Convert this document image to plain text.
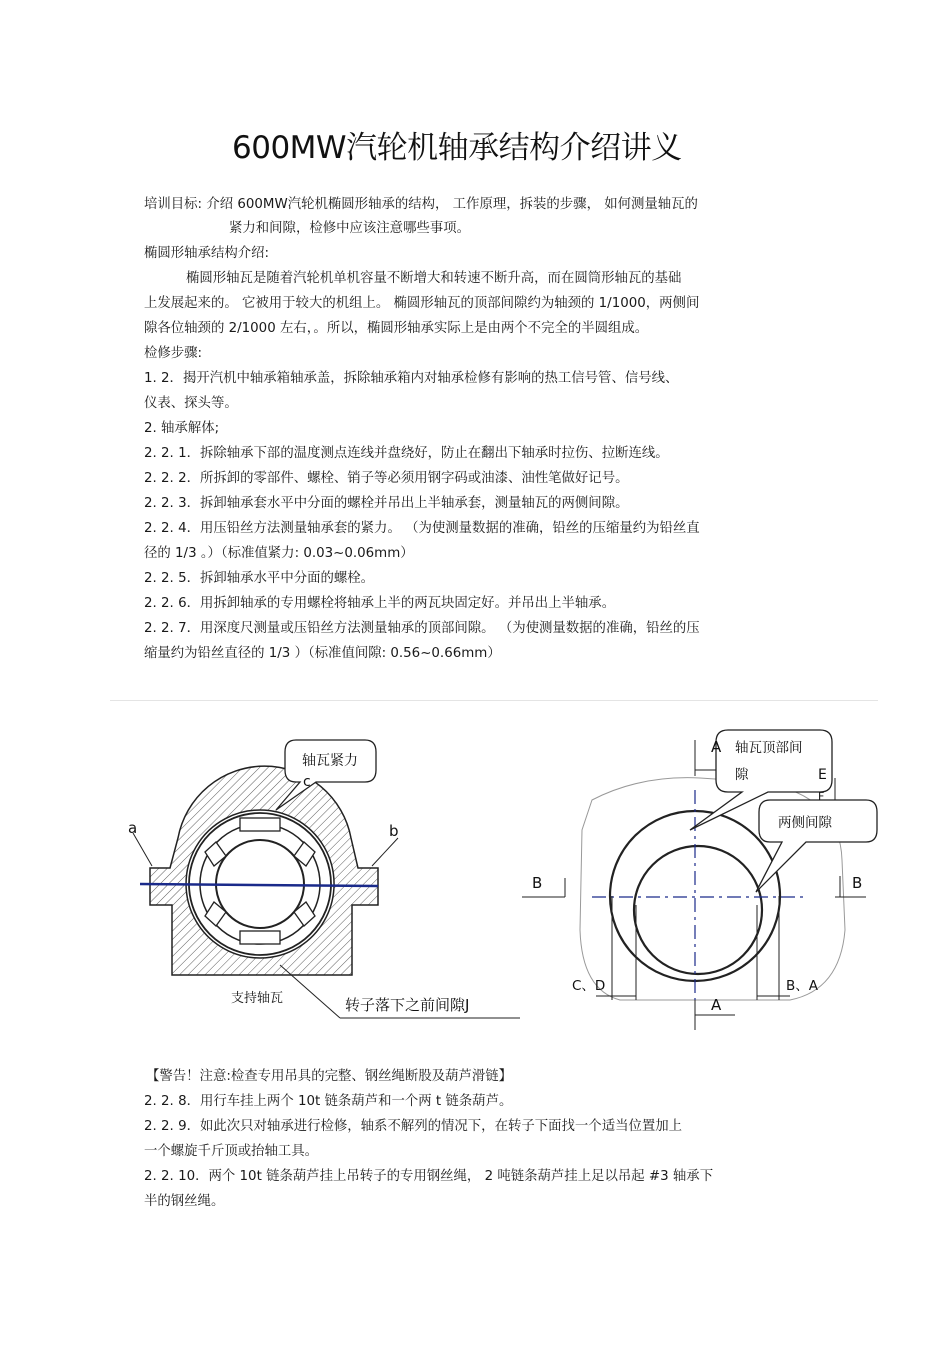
600MW汽轮机轴承结构介绍讲义
培训目标: 介绍 600MW汽轮机椭圆形轴承的结构， 工作原理，拆装的步骤， 如何测量轴瓦的
紧力和间隙，检修中应该注意哪些事项。
椭圆形轴承结构介绍:
椭圆形轴瓦是随着汽轮机单机容量不断增大和转速不断升高，而在圆筒形轴瓦的基础
上发展起来的。 它被用于较大的机组上。 椭圆形轴瓦的顶部间隙约为轴颈的 1/1000，两侧间
隙各位轴颈的 2/1000 左右，。所以，椭圆形轴承实际上是由两个不完全的半圆组成。
检修步骤:
1. 2．揭开汽机中轴承箱轴承盖，拆除轴承箱内对轴承检修有影响的热工信号管、信号线、
仪表、探头等。
2. 轴承解体;
2. 2. 1．拆除轴承下部的温度测点连线并盘绕好，防止在翻出下轴承时拉伤、拉断连线。
2. 2. 2．所拆卸的零部件、螺栓、销子等必须用钢字码或油漆、油性笔做好记号。
2. 2. 3．拆卸轴承套水平中分面的螺栓并吊出上半轴承套，测量轴瓦的两侧间隙。
2. 2. 4．用压铅丝方法测量轴承套的紧力。 （为使测量数据的准确，铅丝的压缩量约为铅丝直
径的 1/3 。）（标准值紧力: 0.03~0.06mm）
2. 2. 5．拆卸轴承水平中分面的螺栓。
2. 2. 6．用拆卸轴承的专用螺栓将轴承上半的两瓦块固定好。并吊出上半轴承。
2. 2. 7．用深度尺测量或压铅丝方法测量轴承的顶部间隙。 （为使测量数据的准确，铅丝的压
缩量约为铅丝直径的 1/3 ）（标准值间隙: 0.56~0.66mm）
轴瓦紧力
c
a	b
支持轴瓦	转子落下之前间隙J
轴瓦顶部间
隙
两侧间隙
A
E
F
B	B
C、D	B、A
A
【警告！注意:检查专用吊具的完整、钢丝绳断股及葫芦滑链】
2. 2. 8．用行车挂上两个 10t 链条葫芦和一个两 t 链条葫芦。
2. 2. 9．如此次只对轴承进行检修，轴系不解列的情况下，在转子下面找一个适当位置加上
一个螺旋千斤顶或抬轴工具。
2. 2. 10．两个 10t 链条葫芦挂上吊转子的专用钢丝绳， 2 吨链条葫芦挂上足以吊起 #3 轴承下
半的钢丝绳。
